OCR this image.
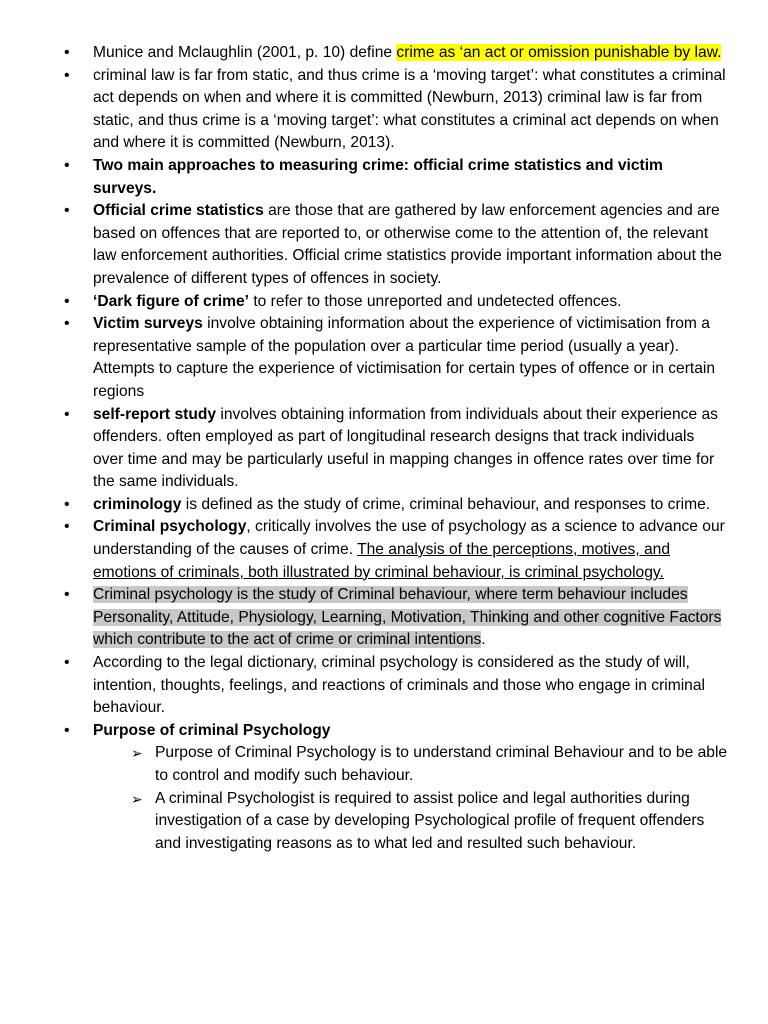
• Munice and Mclaughlin (2001, p. 10) define crime as ‘an act or omission punishable by law.
• criminal law is far from static, and thus crime is a ‘moving target’: what constitutes a criminal act depends on when and where it is committed (Newburn, 2013) criminal law is far from static, and thus crime is a ‘moving target’: what constitutes a criminal act depends on when and where it is committed (Newburn, 2013).
• Two main approaches to measuring crime: official crime statistics and victim surveys.
• Official crime statistics are those that are gathered by law enforcement agencies and are based on offences that are reported to, or otherwise come to the attention of, the relevant law enforcement authorities. Official crime statistics provide important information about the prevalence of different types of offences in society.
• ‘Dark figure of crime’ to refer to those unreported and undetected offences.
• Victim surveys involve obtaining information about the experience of victimisation from a representative sample of the population over a particular time period (usually a year). Attempts to capture the experience of victimisation for certain types of offence or in certain regions
• self-report study involves obtaining information from individuals about their experience as offenders. often employed as part of longitudinal research designs that track individuals over time and may be particularly useful in mapping changes in offence rates over time for the same individuals.
• criminology is defined as the study of crime, criminal behaviour, and responses to crime.
• Criminal psychology, critically involves the use of psychology as a science to advance our understanding of the causes of crime. The analysis of the perceptions, motives, and emotions of criminals, both illustrated by criminal behaviour, is criminal psychology.
• Criminal psychology is the study of Criminal behaviour, where term behaviour includes Personality, Attitude, Physiology, Learning, Motivation, Thinking and other cognitive Factors which contribute to the act of crime or criminal intentions.
• According to the legal dictionary, criminal psychology is considered as the study of will, intention, thoughts, feelings, and reactions of criminals and those who engage in criminal behaviour.
• Purpose of criminal Psychology
➢ Purpose of Criminal Psychology is to understand criminal Behaviour and to be able to control and modify such behaviour.
➢ A criminal Psychologist is required to assist police and legal authorities during investigation of a case by developing Psychological profile of frequent offenders and investigating reasons as to what led and resulted such behaviour.
